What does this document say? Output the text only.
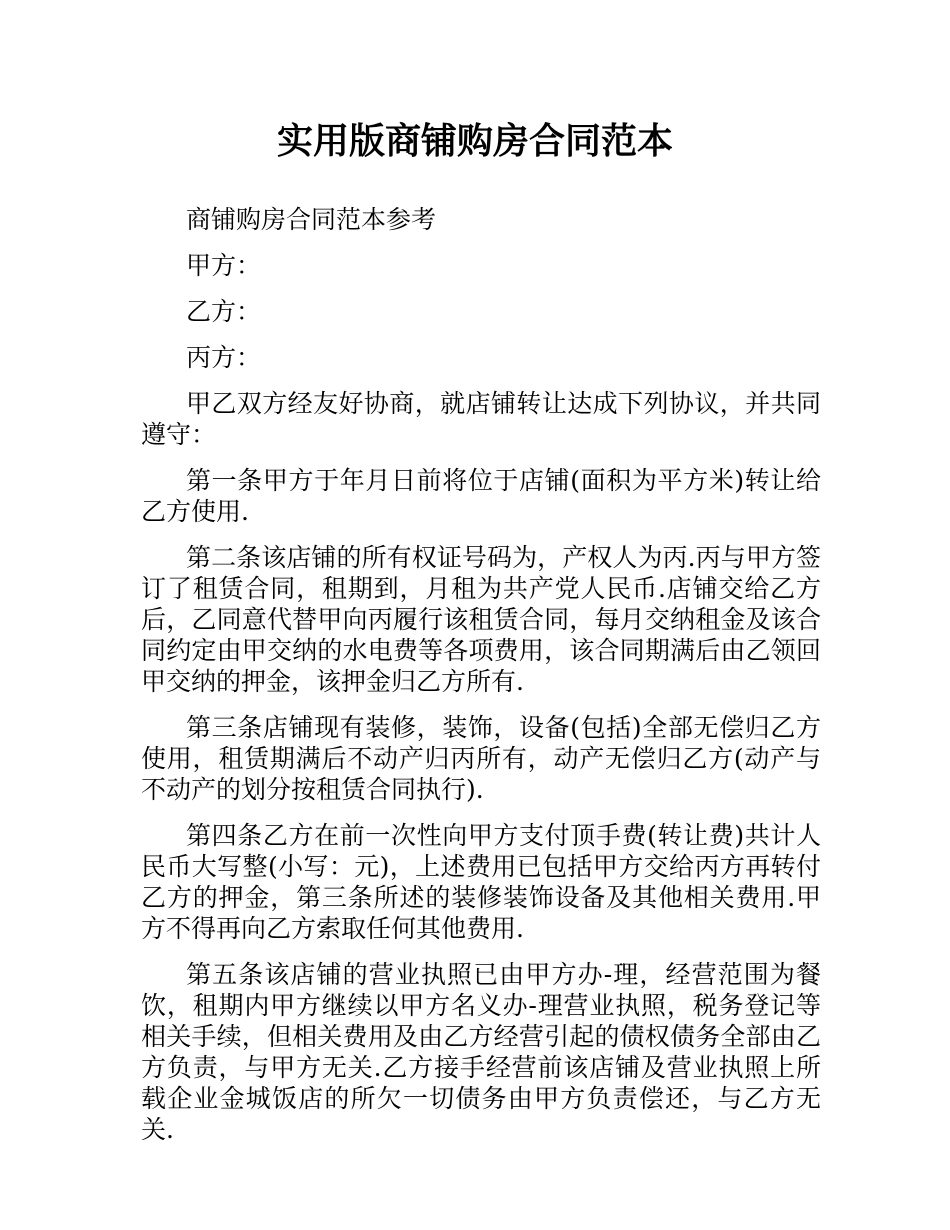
实用版商铺购房合同范本

商铺购房合同范本参考

甲方：

乙方：

丙方：

甲乙双方经友好协商，就店铺转让达成下列协议，并共同遵守：

第一条甲方于年月日前将位于店铺(面积为平方米)转让给乙方使用.

第二条该店铺的所有权证号码为，产权人为丙.丙与甲方签订了租赁合同，租期到，月租为共产党人民币.店铺交给乙方后，乙同意代替甲向丙履行该租赁合同，每月交纳租金及该合同约定由甲交纳的水电费等各项费用，该合同期满后由乙领回甲交纳的押金，该押金归乙方所有.

第三条店铺现有装修，装饰，设备(包括)全部无偿归乙方使用，租赁期满后不动产归丙所有，动产无偿归乙方(动产与不动产的划分按租赁合同执行).

第四条乙方在前一次性向甲方支付顶手费(转让费)共计人民币大写整(小写：元)，上述费用已包括甲方交给丙方再转付乙方的押金，第三条所述的装修装饰设备及其他相关费用.甲方不得再向乙方索取任何其他费用.

第五条该店铺的营业执照已由甲方办-理，经营范围为餐饮，租期内甲方继续以甲方名义办-理营业执照，税务登记等相关手续，但相关费用及由乙方经营引起的债权债务全部由乙方负责，与甲方无关.乙方接手经营前该店铺及营业执照上所载企业金城饭店的所欠一切债务由甲方负责偿还，与乙方无关.
